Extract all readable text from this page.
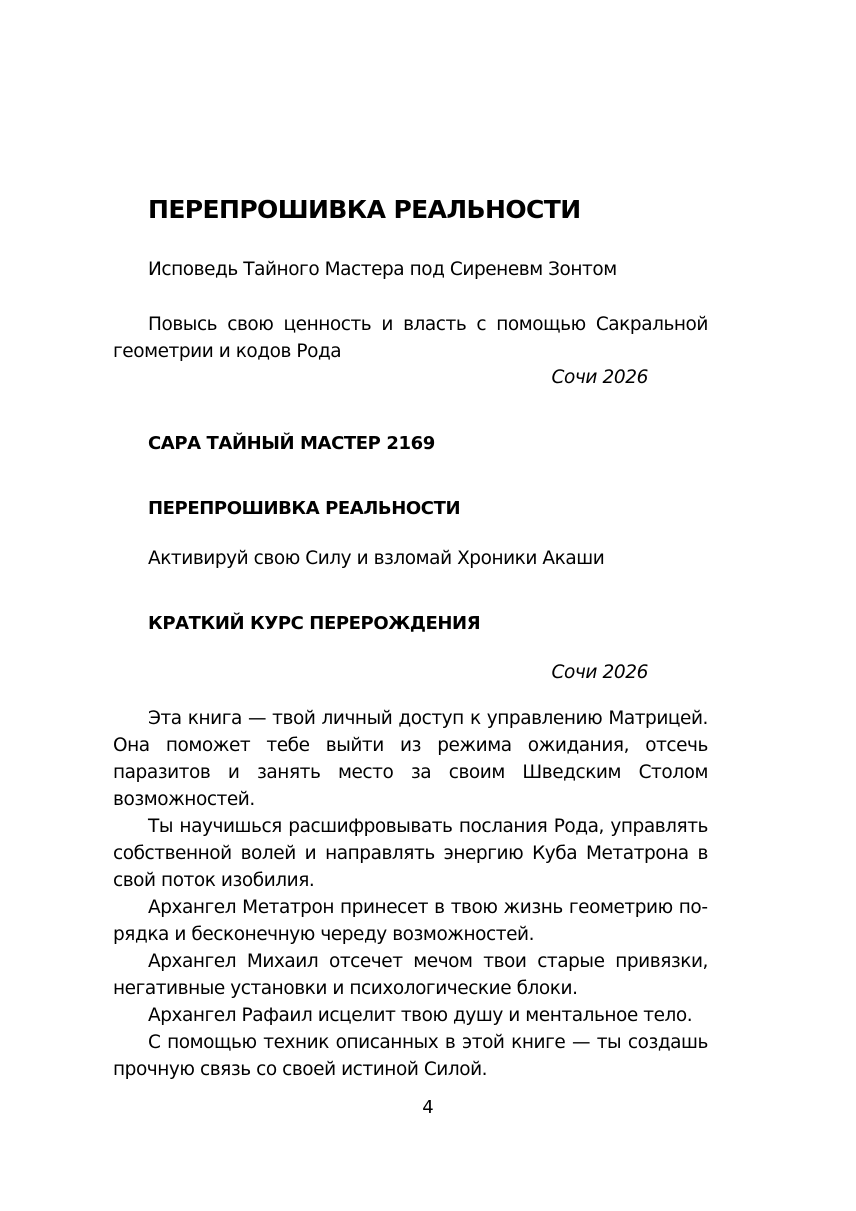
ПЕРЕПРОШИВКА РЕАЛЬНОСТИ
Исповедь Тайного Мастера под Сиреневм Зонтом
Повысь свою ценность и власть с помощью Сакральной геометрии и кодов Рода
Сочи 2026
САРА ТАЙНЫЙ МАСТЕР 2169
ПЕРЕПРОШИВКА РЕАЛЬНОСТИ
Активируй свою Силу и взломай Хроники Акаши
КРАТКИЙ КУРС ПЕРЕРОЖДЕНИЯ
Сочи 2026

Эта книга — твой личный доступ к управлению Матрицей. Она поможет тебе выйти из режима ожидания, отсечь паразитов и занять место за своим Шведским Столом возможностей.

Ты научишься расшифровывать послания Рода, управлять собственной волей и направлять энергию Куба Метатрона в свой поток изобилия.

Архангел Метатрон принесет в твою жизнь геометрию порядка и бесконечную череду возможностей.

Архангел Михаил отсечет мечом твои старые привязки, негативные установки и психологические блоки.

Архангел Рафаил исцелит твою душу и ментальное тело.

С помощью техник описанных в этой книге — ты создашь прочную связь со своей истиной Силой.

4
